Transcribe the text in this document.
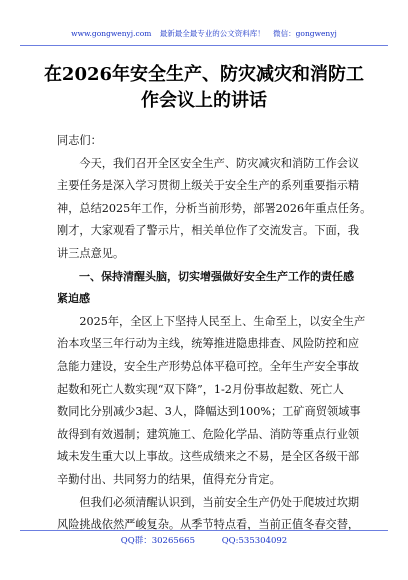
www.gongwenyj.com 最新最全最专业的公文资料库！ 微信：gongwenyj
在2026年安全生产、防灾减灾和消防工
作会议上的讲话
同志们：
　　今天，我们召开全区安全生产、防灾减灾和消防工作会议
主要任务是深入学习贯彻上级关于安全生产的系列重要指示精
神，总结2025年工作，分析当前形势，部署2026年重点任务。
刚才，大家观看了警示片，相关单位作了交流发言。下面，我
讲三点意见。
　　一、保持清醒头脑，切实增强做好安全生产工作的责任感
紧迫感
　　2025年，全区上下坚持人民至上、生命至上，以安全生产
治本攻坚三年行动为主线，统筹推进隐患排查、风险防控和应
急能力建设，安全生产形势总体平稳可控。全年生产安全事故
起数和死亡人数实现“双下降”，1-2月份事故起数、死亡人
数同比分别减少3起、3人，降幅达到100%；工矿商贸领域事
故得到有效遏制；建筑施工、危险化学品、消防等重点行业领
域未发生重大以上事故。这些成绩来之不易，是全区各级干部
辛勤付出、共同努力的结果，值得充分肯定。
　　但我们必须清醒认识到，当前安全生产仍处于爬坡过坎期
风险挑战依然严峻复杂。从季节特点看，当前正值冬春交替，
QQ群：30265665	QQ:535304092
